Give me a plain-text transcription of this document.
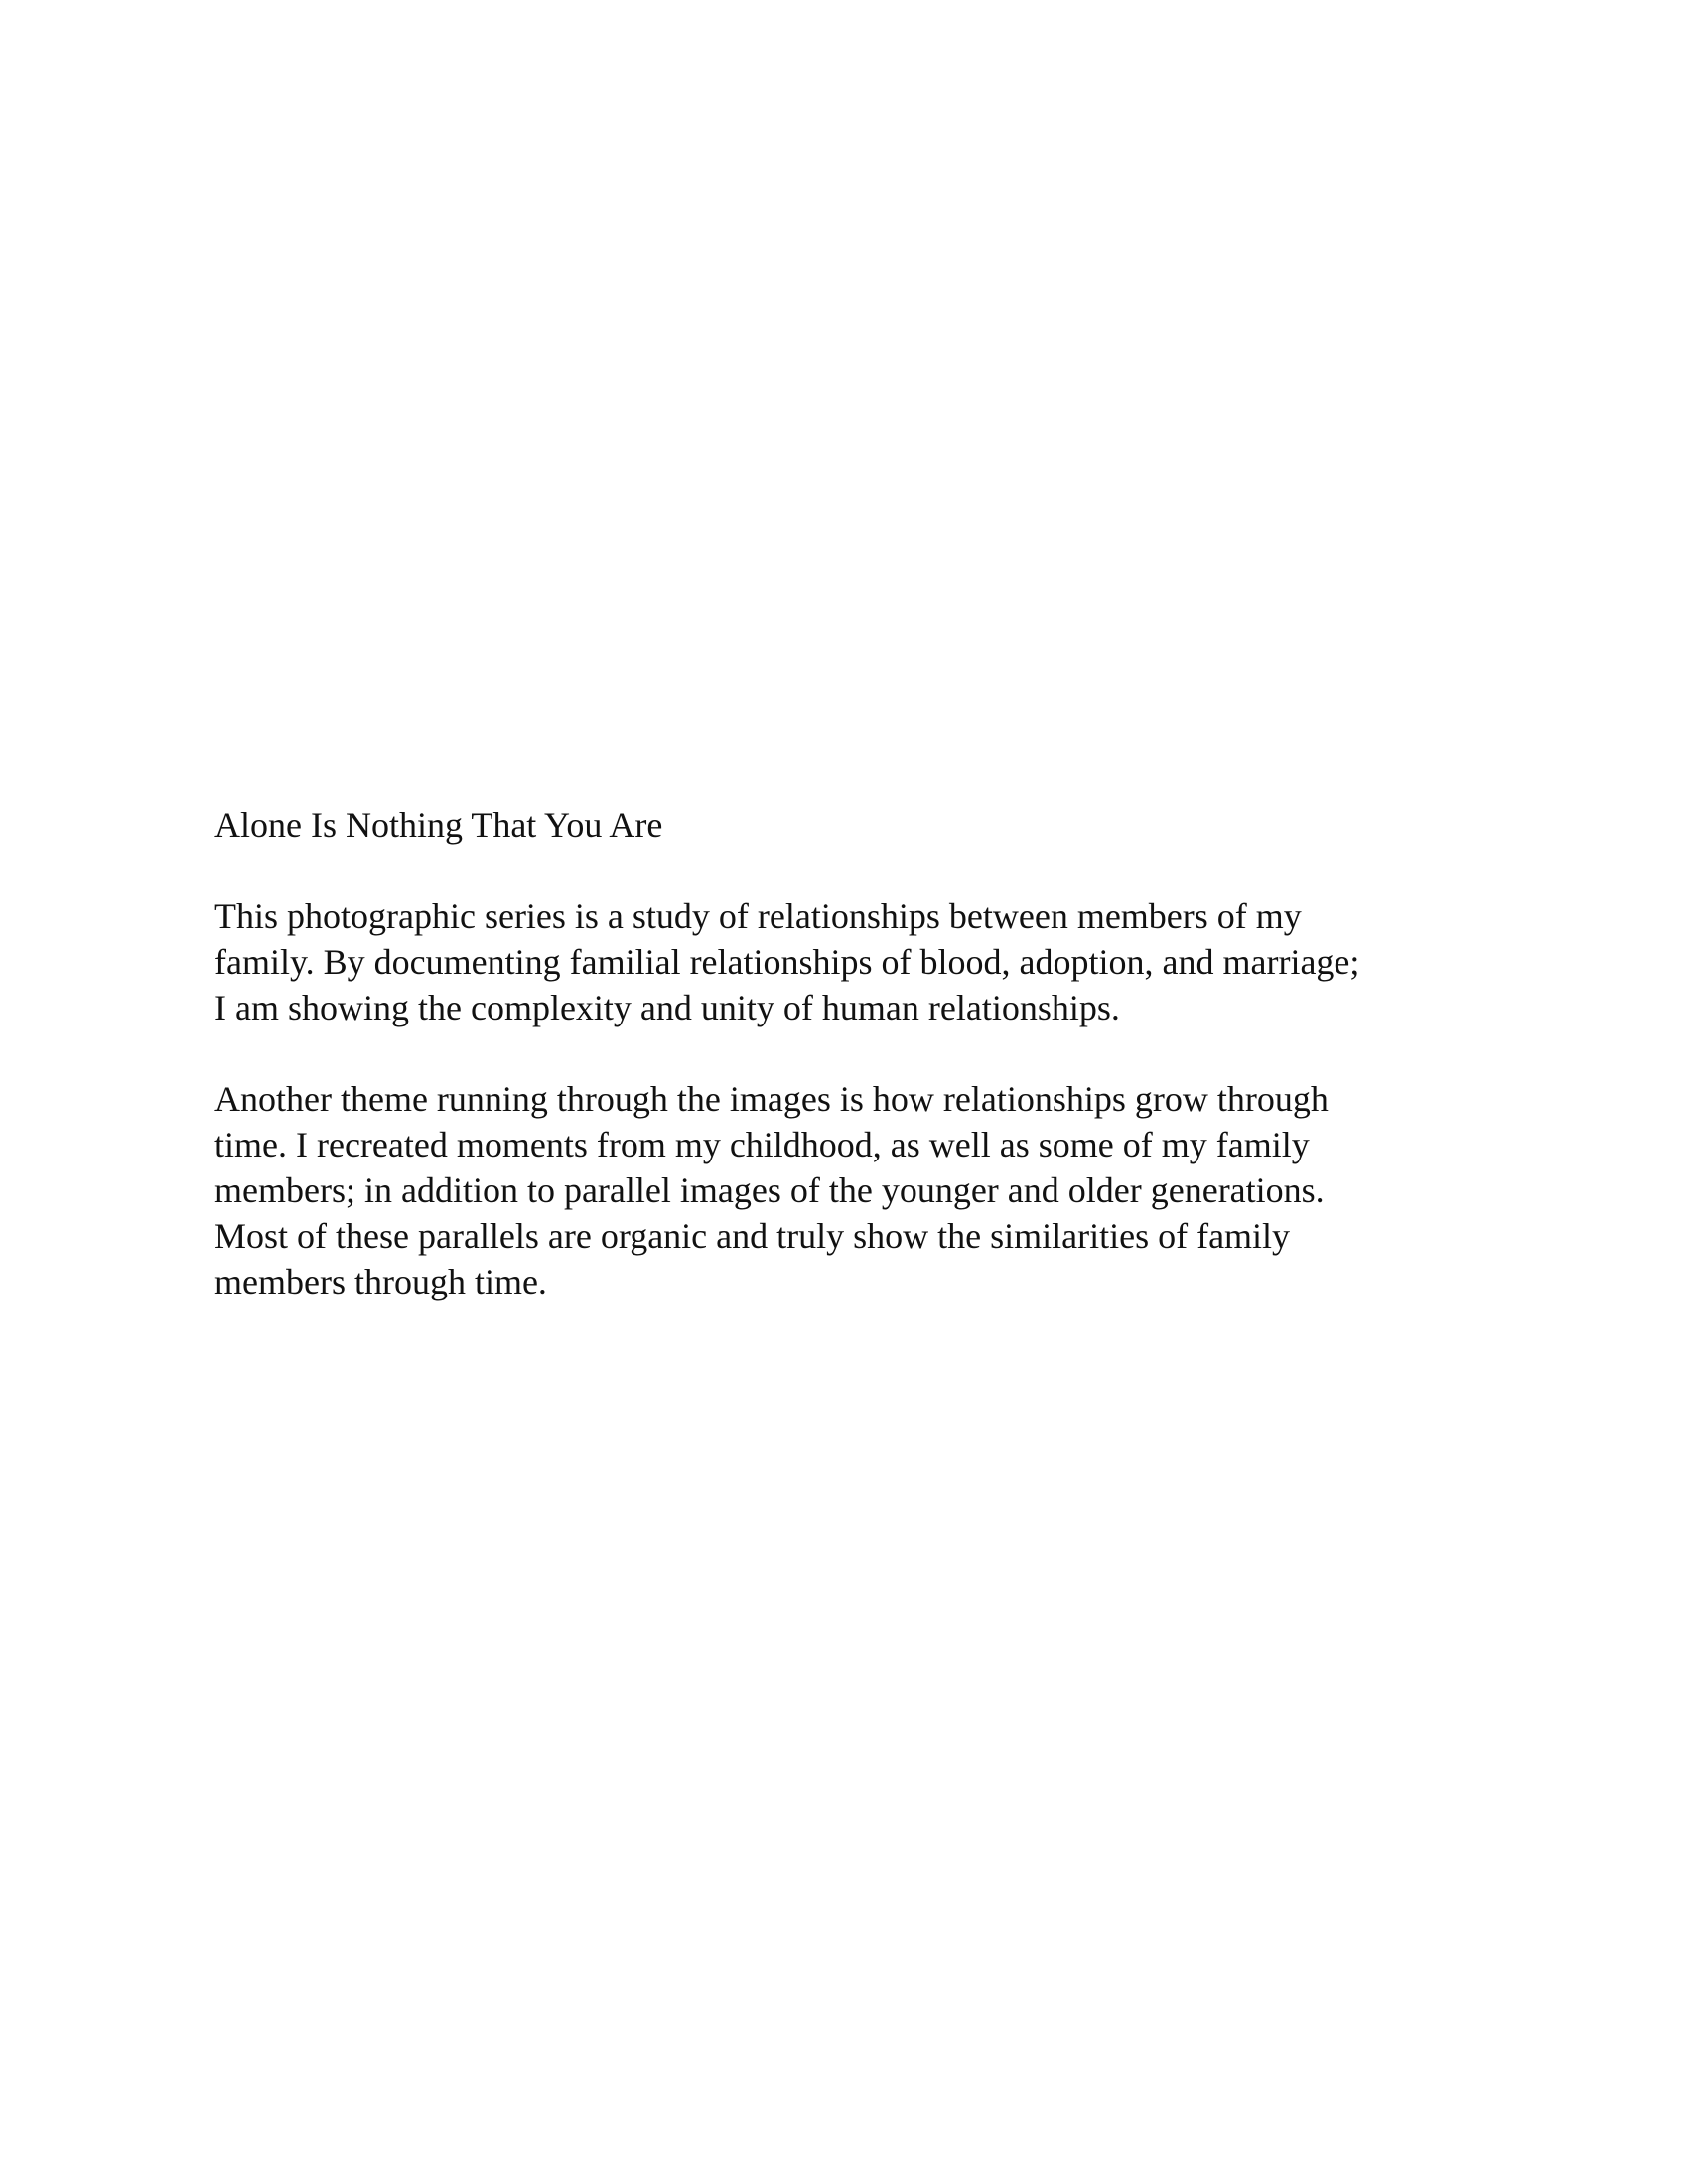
Alone Is Nothing That You Are

This photographic series is a study of relationships between members of my
family. By documenting familial relationships of blood, adoption, and marriage;
I am showing the complexity and unity of human relationships.

Another theme running through the images is how relationships grow through
time. I recreated moments from my childhood, as well as some of my family
members; in addition to parallel images of the younger and older generations.
Most of these parallels are organic and truly show the similarities of family
members through time.
